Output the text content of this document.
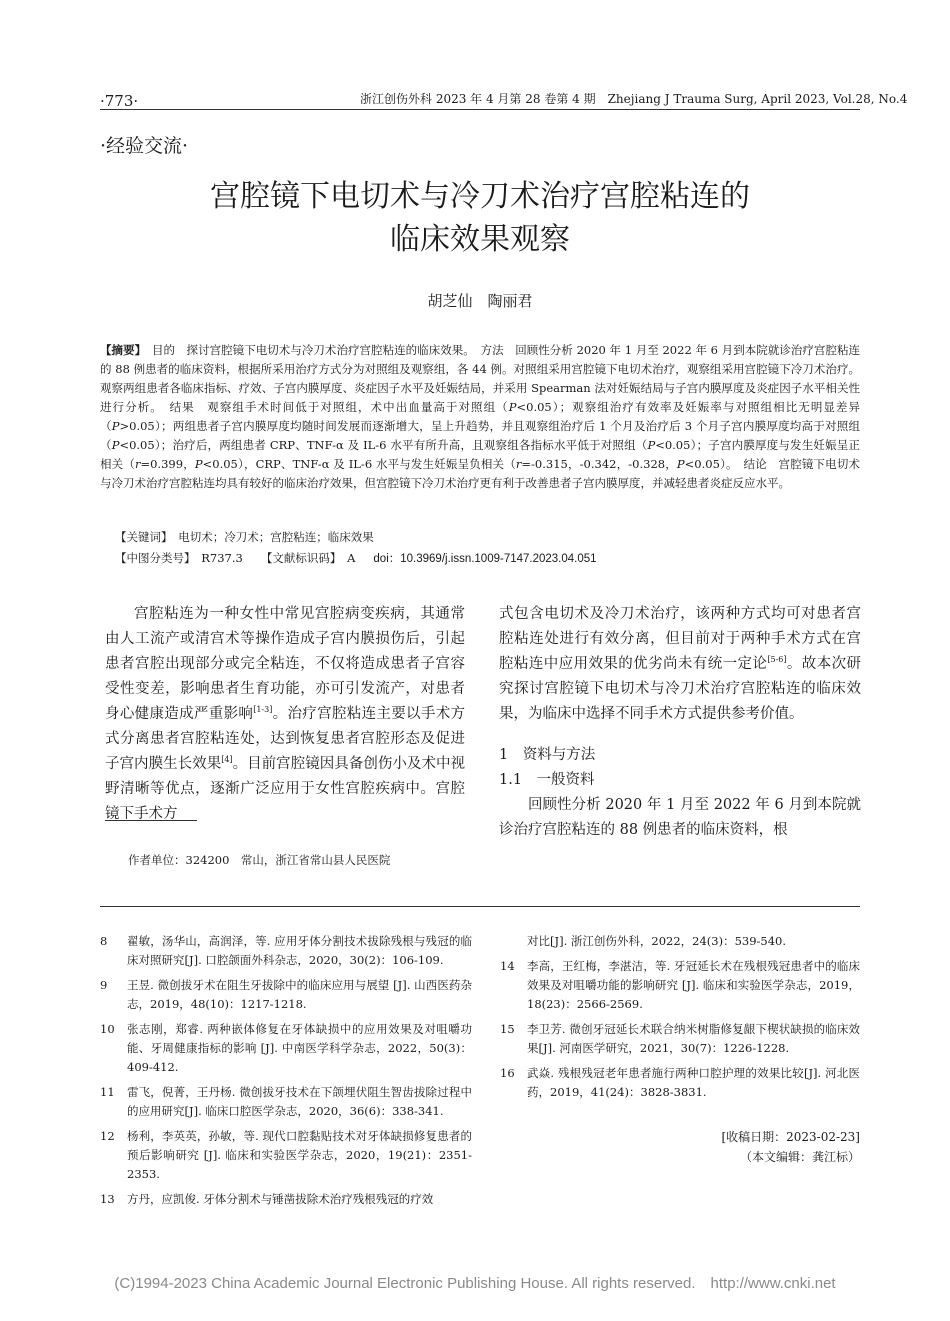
·773·	浙江创伤外科 2023 年 4 月第 28 卷第 4 期　Zhejiang J Trauma Surg, April 2023, Vol.28, No.4
·经验交流·
宫腔镜下电切术与冷刀术治疗宫腔粘连的
临床效果观察
胡芝仙　陶丽君
【摘要】　 目的　探讨宫腔镜下电切术与冷刀术治疗宫腔粘连的临床效果。　方法　回顾性分析 2020 年 1 月至 2022 年 6 月到本院就诊治疗宫腔粘连的 88 例患者的临床资料，根据所采用治疗方式分为对照组及观察组，各 44 例。对照组采用宫腔镜下电切术治疗，观察组采用宫腔镜下冷刀术治疗。观察两组患者各临床指标、疗效、子宫内膜厚度、炎症因子水平及妊娠结局，并采用 Spearman 法对妊娠结局与子宫内膜厚度及炎症因子水平相关性进行分析。　结果　观察组手术时间低于对照组，术中出血量高于对照组（P<0.05）；观察组治疗有效率及妊娠率与对照组相比无明显差异（P>0.05）；两组患者子宫内膜厚度均随时间发展而逐渐增大，呈上升趋势，并且观察组治疗后 1 个月及治疗后 3 个月子宫内膜厚度均高于对照组（P<0.05）；治疗后，两组患者 CRP、TNF-α 及 IL-6 水平有所升高，且观察组各指标水平低于对照组（P<0.05）；子宫内膜厚度与发生妊娠呈正相关（r=0.399，P<0.05），CRP、TNF-α 及 IL-6 水平与发生妊娠呈负相关（r=-0.315，-0.342，-0.328，P<0.05）。　结论　宫腔镜下电切术与冷刀术治疗宫腔粘连均具有较好的临床治疗效果，但宫腔镜下冷刀术治疗更有利于改善患者子宫内膜厚度，并减轻患者炎症反应水平。
【关键词】　电切术；冷刀术；宫腔粘连；临床效果
【中图分类号】　R737.3 【文献标识码】　A doi：10.3969/j.issn.1009-7147.2023.04.051

宫腔粘连为一种女性中常见宫腔病变疾病，其通常由人工流产或清宫术等操作造成子宫内膜损伤后，引起患者宫腔出现部分或完全粘连，不仅将造成患者子宫容受性变差，影响患者生育功能，亦可引发流产，对患者身心健康造成严重影响[1-3]。治疗宫腔粘连主要以手术方式分离患者宫腔粘连处，达到恢复患者宫腔形态及促进子宫内膜生长效果[4]。目前宫腔镜因具备创伤小及术中视野清晰等优点，逐渐广泛应用于女性宫腔疾病中。宫腔镜下手术方

式包含电切术及冷刀术治疗，该两种方式均可对患者宫腔粘连处进行有效分离，但目前对于两种手术方式在宫腔粘连中应用效果的优劣尚未有统一定论[5-6]。故本次研究探讨宫腔镜下电切术与冷刀术治疗宫腔粘连的临床效果，为临床中选择不同手术方式提供参考价值。

1　资料与方法

1.1　一般资料

回顾性分析 2020 年 1 月至 2022 年 6 月到本院就诊治疗宫腔粘连的 88 例患者的临床资料，根

作者单位：324200　常山，浙江省常山县人民医院
8	翟敏，汤华山，高润泽，等. 应用牙体分割技术拔除残根与残冠的临床对照研究[J]. 口腔颌面外科杂志，2020，30(2)：106-109.
9	王昱. 微创拔牙术在阻生牙拔除中的临床应用与展望 [J]. 山西医药杂志，2019，48(10)：1217-1218.
10	张志刚，郑睿. 两种嵌体修复在牙体缺损中的应用效果及对咀嚼功能、牙周健康指标的影响 [J]. 中南医学科学杂志，2022，50(3)：409-412.
11	雷飞，倪菁，王丹杨. 微创拔牙技术在下颌埋伏阻生智齿拔除过程中的应用研究[J]. 临床口腔医学杂志，2020，36(6)：338-341.
12	杨利，李英英，孙敏，等. 现代口腔黏贴技术对牙体缺损修复患者的预后影响研究 [J]. 临床和实验医学杂志，2020，19(21)：2351-2353.
13	方丹，应凯俊. 牙体分割术与锤凿拔除术治疗残根残冠的疗效
对比[J]. 浙江创伤外科，2022，24(3)：539-540.
14	李高，王红梅，李湛洁，等. 牙冠延长术在残根残冠患者中的临床效果及对咀嚼功能的影响研究 [J]. 临床和实验医学杂志，2019，18(23)：2566-2569.
15	李卫芳. 微创牙冠延长术联合纳米树脂修复龈下楔状缺损的临床效果[J]. 河南医学研究，2021，30(7)：1226-1228.
16	武焱. 残根残冠老年患者施行两种口腔护理的效果比较[J]. 河北医药，2019，41(24)：3828-3831.
[收稿日期：2023-02-23]
（本文编辑：龚江标）
(C)1994-2023 China Academic Journal Electronic Publishing House. All rights reserved.　http://www.cnki.net
